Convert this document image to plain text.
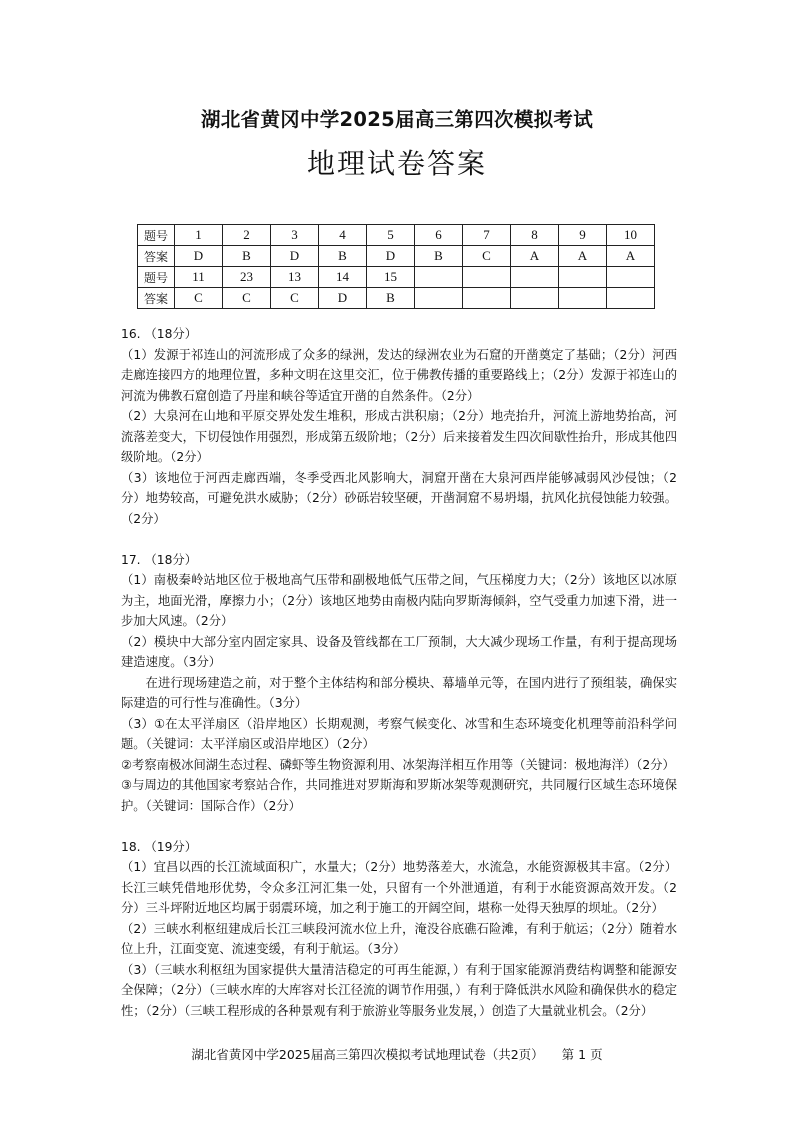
湖北省黄冈中学2025届高三第四次模拟考试
地理试卷答案
题号	1	2	3	4	5	6	7	8	9	10
答案	D	B	D	B	D	B	C	A	A	A
题号	11	23	13	14	15					
答案	C	C	C	D	B					

16. （18分）

（1）发源于祁连山的河流形成了众多的绿洲，发达的绿洲农业为石窟的开凿奠定了基础；（2分）河西走廊连接四方的地理位置，多种文明在这里交汇，位于佛教传播的重要路线上；（2分）发源于祁连山的河流为佛教石窟创造了丹崖和峡谷等适宜开凿的自然条件。（2分）

（2）大泉河在山地和平原交界处发生堆积，形成古洪积扇；（2分）地壳抬升，河流上游地势抬高，河流落差变大，下切侵蚀作用强烈，形成第五级阶地；（2分）后来接着发生四次间歇性抬升，形成其他四级阶地。（2分）

（3）该地位于河西走廊西端，冬季受西北风影响大，洞窟开凿在大泉河西岸能够减弱风沙侵蚀；（2分）地势较高，可避免洪水威胁；（2分）砂砾岩较坚硬，开凿洞窟不易坍塌，抗风化抗侵蚀能力较强。（2分）

17. （18分）

（1）南极秦岭站地区位于极地高气压带和副极地低气压带之间，气压梯度力大；（2分）该地区以冰原为主，地面光滑，摩擦力小；（2分）该地区地势由南极内陆向罗斯海倾斜，空气受重力加速下滑，进一步加大风速。（2分）

（2）模块中大部分室内固定家具、设备及管线都在工厂预制，大大减少现场工作量，有利于提高现场建造速度。（3分）

在进行现场建造之前，对于整个主体结构和部分模块、幕墙单元等，在国内进行了预组装，确保实际建造的可行性与准确性。（3分）

（3）①在太平洋扇区（沿岸地区）长期观测，考察气候变化、冰雪和生态环境变化机理等前沿科学问题。（关键词：太平洋扇区或沿岸地区）（2分）

②考察南极冰间湖生态过程、磷虾等生物资源利用、冰架海洋相互作用等（关键词：极地海洋）（2分）

③与周边的其他国家考察站合作，共同推进对罗斯海和罗斯冰架等观测研究，共同履行区域生态环境保护。（关键词：国际合作）（2分）

18. （19分）

（1）宜昌以西的长江流域面积广，水量大；（2分）地势落差大，水流急，水能资源极其丰富。（2分）长江三峡凭借地形优势，令众多江河汇集一处，只留有一个外泄通道，有利于水能资源高效开发。（2分）三斗坪附近地区均属于弱震环境，加之利于施工的开阔空间，堪称一处得天独厚的坝址。（2分）

（2）三峡水利枢纽建成后长江三峡段河流水位上升，淹没谷底礁石险滩，有利于航运；（2分）随着水位上升，江面变宽、流速变缓，有利于航运。（3分）

（3）（三峡水利枢纽为国家提供大量清洁稳定的可再生能源，）有利于国家能源消费结构调整和能源安全保障；（2分）（三峡水库的大库容对长江径流的调节作用强，）有利于降低洪水风险和确保供水的稳定性；（2分）（三峡工程形成的各种景观有利于旅游业等服务业发展，）创造了大量就业机会。（2分）

湖北省黄冈中学2025届高三第四次模拟考试地理试卷（共2页） 第 1 页
